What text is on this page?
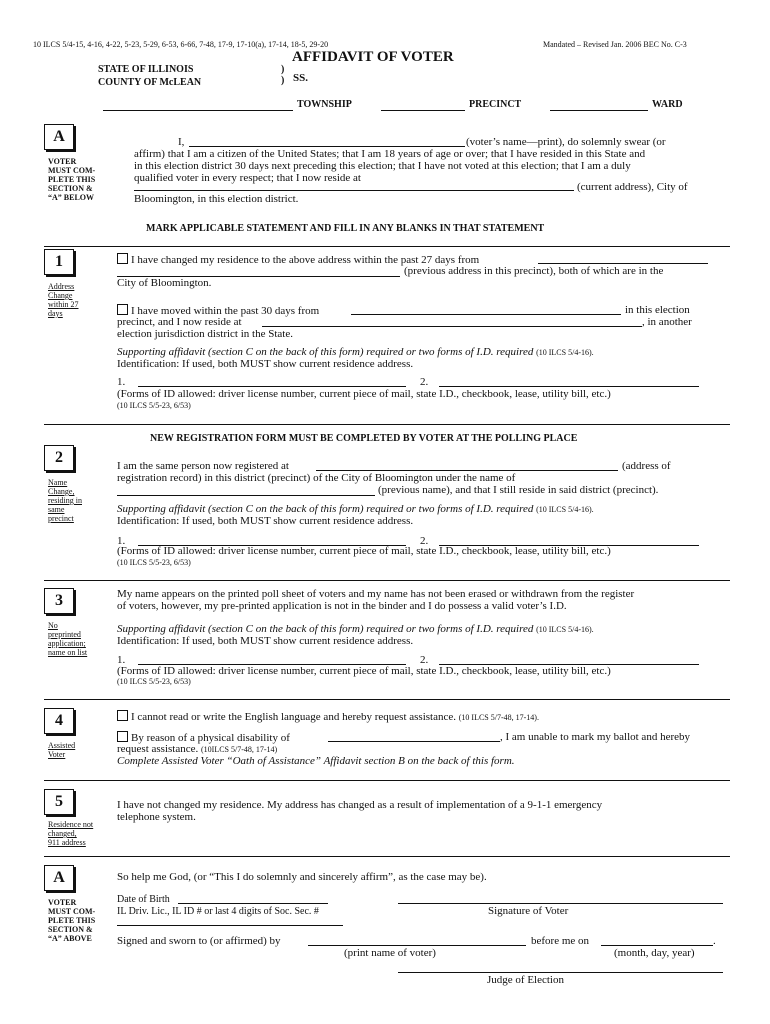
10 ILCS 5/4-15, 4-16, 4-22, 5-23, 5-29, 6-53, 6-66, 7-48, 17-9, 17-10(a), 17-14, 18-5, 29-20	Mandated – Revised Jan. 2006 BEC No. C-3
AFFIDAVIT OF VOTER
STATE OF ILLINOIS
COUNTY OF McLEAN
)
) SS.
TOWNSHIP	PRECINCT	WARD
A
VOTER
MUST COM-
PLETE THIS
SECTION &
“A” BELOW
I,	(voter’s name—print), do solemnly swear (or
affirm) that I am a citizen of the United States; that I am 18 years of age or over; that I have resided in this State and
in this election district 30 days next preceding this election; that I have not voted at this election; that I am a duly
qualified voter in every respect; that I now reside at
(current address), City of
Bloomington, in this election district.
MARK APPLICABLE STATEMENT AND FILL IN ANY BLANKS IN THAT STATEMENT
1
Address
Change
within 27
days
I have changed my residence to the above address within the past 27 days from
(previous address in this precinct), both of which are in the
City of Bloomington.
I have moved within the past 30 days from	in this election
precinct, and I now reside at	, in another
election jurisdiction district in the State.
Supporting affidavit (section C on the back of this form) required or two forms of I.D. required (10 ILCS 5/4-16).
Identification: If used, both MUST show current residence address.
1.	2.
(Forms of ID allowed: driver license number, current piece of mail, state I.D., checkbook, lease, utility bill, etc.)
(10 ILCS 5/5-23, 6/53)
NEW REGISTRATION FORM MUST BE COMPLETED BY VOTER AT THE POLLING PLACE
2
Name
Change,
residing in
same
precinct
I am the same person now registered at	(address of
registration record) in this district (precinct) of the City of Bloomington under the name of
(previous name), and that I still reside in said district (precinct).
Supporting affidavit (section C on the back of this form) required or two forms of I.D. required (10 ILCS 5/4-16).
Identification: If used, both MUST show current residence address.
1.	2.
(Forms of ID allowed: driver license number, current piece of mail, state I.D., checkbook, lease, utility bill, etc.)
(10 ILCS 5/5-23, 6/53)
3
No
preprinted
application;
name on list
My name appears on the printed poll sheet of voters and my name has not been erased or withdrawn from the register
of voters, however, my pre-printed application is not in the binder and I do possess a valid voter’s I.D.
Supporting affidavit (section C on the back of this form) required or two forms of I.D. required (10 ILCS 5/4-16).
Identification: If used, both MUST show current residence address.
1.	2.
(Forms of ID allowed: driver license number, current piece of mail, state I.D., checkbook, lease, utility bill, etc.)
(10 ILCS 5/5-23, 6/53)
4
Assisted
Voter
I cannot read or write the English language and hereby request assistance. (10 ILCS 5/7-48, 17-14).
By reason of a physical disability of	, I am unable to mark my ballot and hereby
request assistance. (10ILCS 5/7-48, 17-14)
Complete Assisted Voter “Oath of Assistance” Affidavit section B on the back of this form.
5
Residence not
changed,
911 address
I have not changed my residence. My address has changed as a result of implementation of a 9-1-1 emergency
telephone system.
A
VOTER
MUST COM-
PLETE THIS
SECTION &
“A” ABOVE
So help me God, (or “This I do solemnly and sincerely affirm”, as the case may be).
Date of Birth
IL Driv. Lic., IL ID # or last 4 digits of Soc. Sec. #	Signature of Voter
Signed and sworn to (or affirmed) by	before me on	.
(print name of voter)	(month, day, year)
Judge of Election
